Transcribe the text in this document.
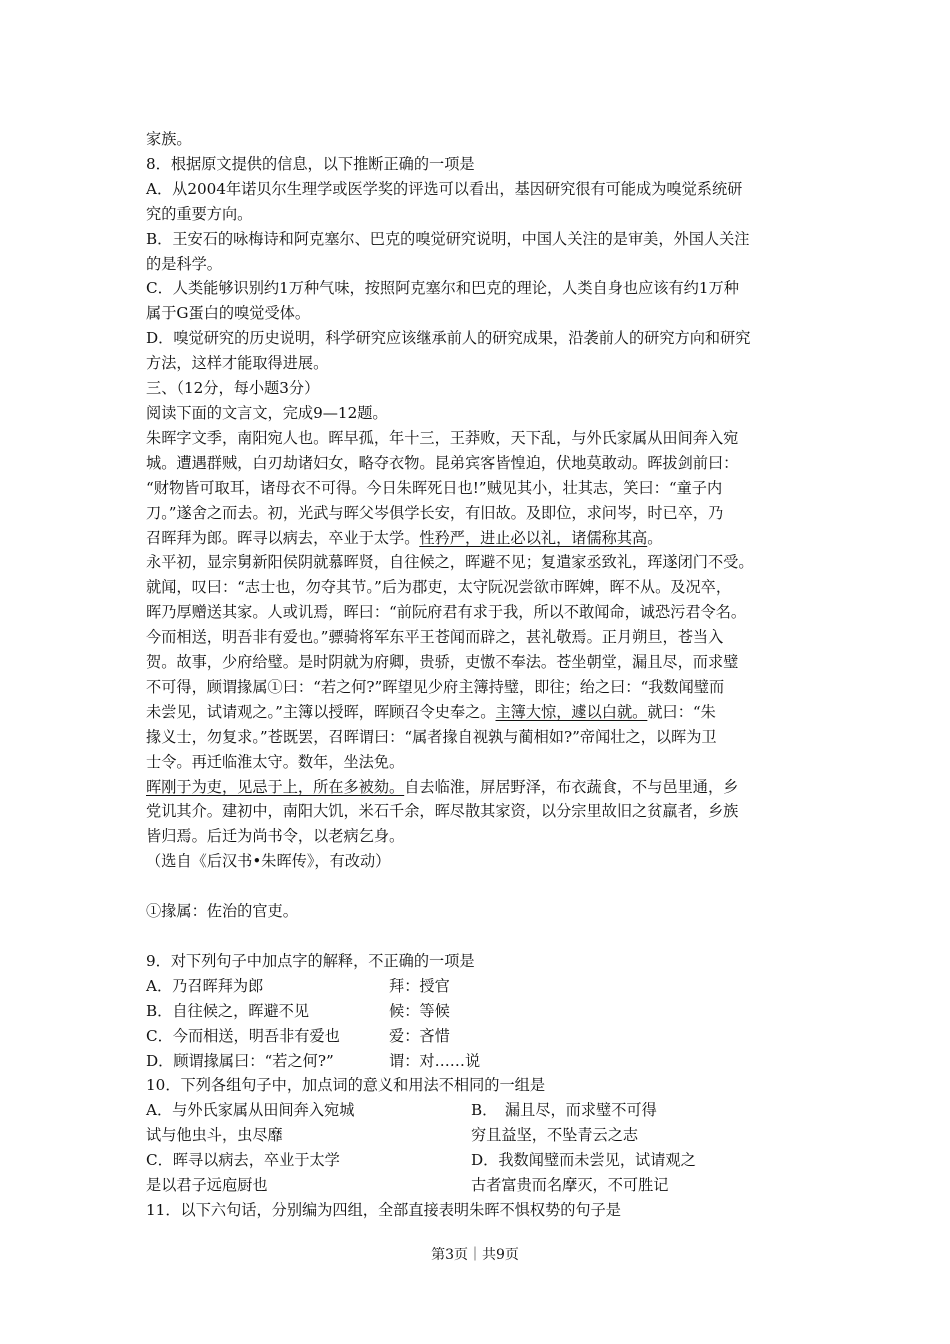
家族。

8．根据原文提供的信息，以下推断正确的一项是

A．从2004年诺贝尔生理学或医学奖的评选可以看出，基因研究很有可能成为嗅觉系统研

究的重要方向。

B．王安石的咏梅诗和阿克塞尔、巴克的嗅觉研究说明，中国人关注的是审美，外国人关注

的是科学。

C．人类能够识别约1万种气味，按照阿克塞尔和巴克的理论，人类自身也应该有约1万种

属于G蛋白的嗅觉受体。

D．嗅觉研究的历史说明，科学研究应该继承前人的研究成果，沿袭前人的研究方向和研究

方法，这样才能取得进展。

三、（12分，每小题3分）

阅读下面的文言文，完成9—12题。

朱晖字文季，南阳宛人也。晖早孤，年十三，王莽败，天下乱，与外氏家属从田间奔入宛

城。遭遇群贼，白刃劫诸妇女，略夺衣物。昆弟宾客皆惶迫，伏地莫敢动。晖拔剑前曰：

“财物皆可取耳，诸母衣不可得。今日朱晖死日也!”贼见其小，壮其志，笑曰：“童子内

刀。”遂舍之而去。初，光武与晖父岑俱学长安，有旧故。及即位，求问岑，时已卒，乃

召晖拜为郎。晖寻以病去，卒业于太学。性矜严，进止必以礼，诸儒称其高。

永平初，显宗舅新阳侯阴就慕晖贤，自往候之，晖避不见；复遣家丞致礼，珲遂闭门不受。

就闻，叹曰：“志士也，勿夺其节。”后为郡吏，太守阮况尝欲市晖婢，晖不从。及况卒，

晖乃厚赠送其家。人或讥焉，晖曰：“前阮府君有求于我，所以不敢闻命，诚恐污君令名。

今而相送，明吾非有爱也。”骠骑将军东平王苍闻而辟之，甚礼敬焉。正月朔旦，苍当入

贺。故事，少府给璧。是时阴就为府卿，贵骄，吏慠不奉法。苍坐朝堂，漏且尽，而求璧

不可得，顾谓掾属①曰：“若之何?”晖望见少府主簿持璧，即往；绐之曰：“我数闻璧而

未尝见，试请观之。”主簿以授晖，晖顾召令史奉之。主簿大惊，遽以白就。就曰：“朱

掾义士，勿复求。”苍既罢，召晖谓曰：“属者掾自视孰与蔺相如?”帝闻壮之，以晖为卫

士令。再迁临淮太守。数年，坐法免。

晖刚于为吏，见忌于上，所在多被劾。自去临淮，屏居野泽，布衣蔬食，不与邑里通，乡

党讥其介。建初中，南阳大饥，米石千余，晖尽散其家资，以分宗里故旧之贫羸者，乡族

皆归焉。后迁为尚书令，以老病乞身。

（选自《后汉书•朱晖传》，有改动）

①掾属：佐治的官吏。

9．对下列句子中加点字的解释，不正确的一项是

A．乃召晖拜为郎	拜：授官
B．自往候之，晖避不见	候：等候
C．今而相送，明吾非有爱也	爱：吝惜
D．顾谓掾属曰：“若之何?”	谓：对……说

10．下列各组句子中，加点词的意义和用法不相同的一组是

A．与外氏家属从田间奔入宛城	B．　漏且尽，而求璧不可得
试与他虫斗，虫尽靡	穷且益坚，不坠青云之志
C．晖寻以病去，卒业于太学	D．我数闻璧而未尝见，试请观之
是以君子远庖厨也	古者富贵而名摩灭，不可胜记

11．以下六句话，分别编为四组，全部直接表明朱晖不惧权势的句子是

第3页｜共9页
